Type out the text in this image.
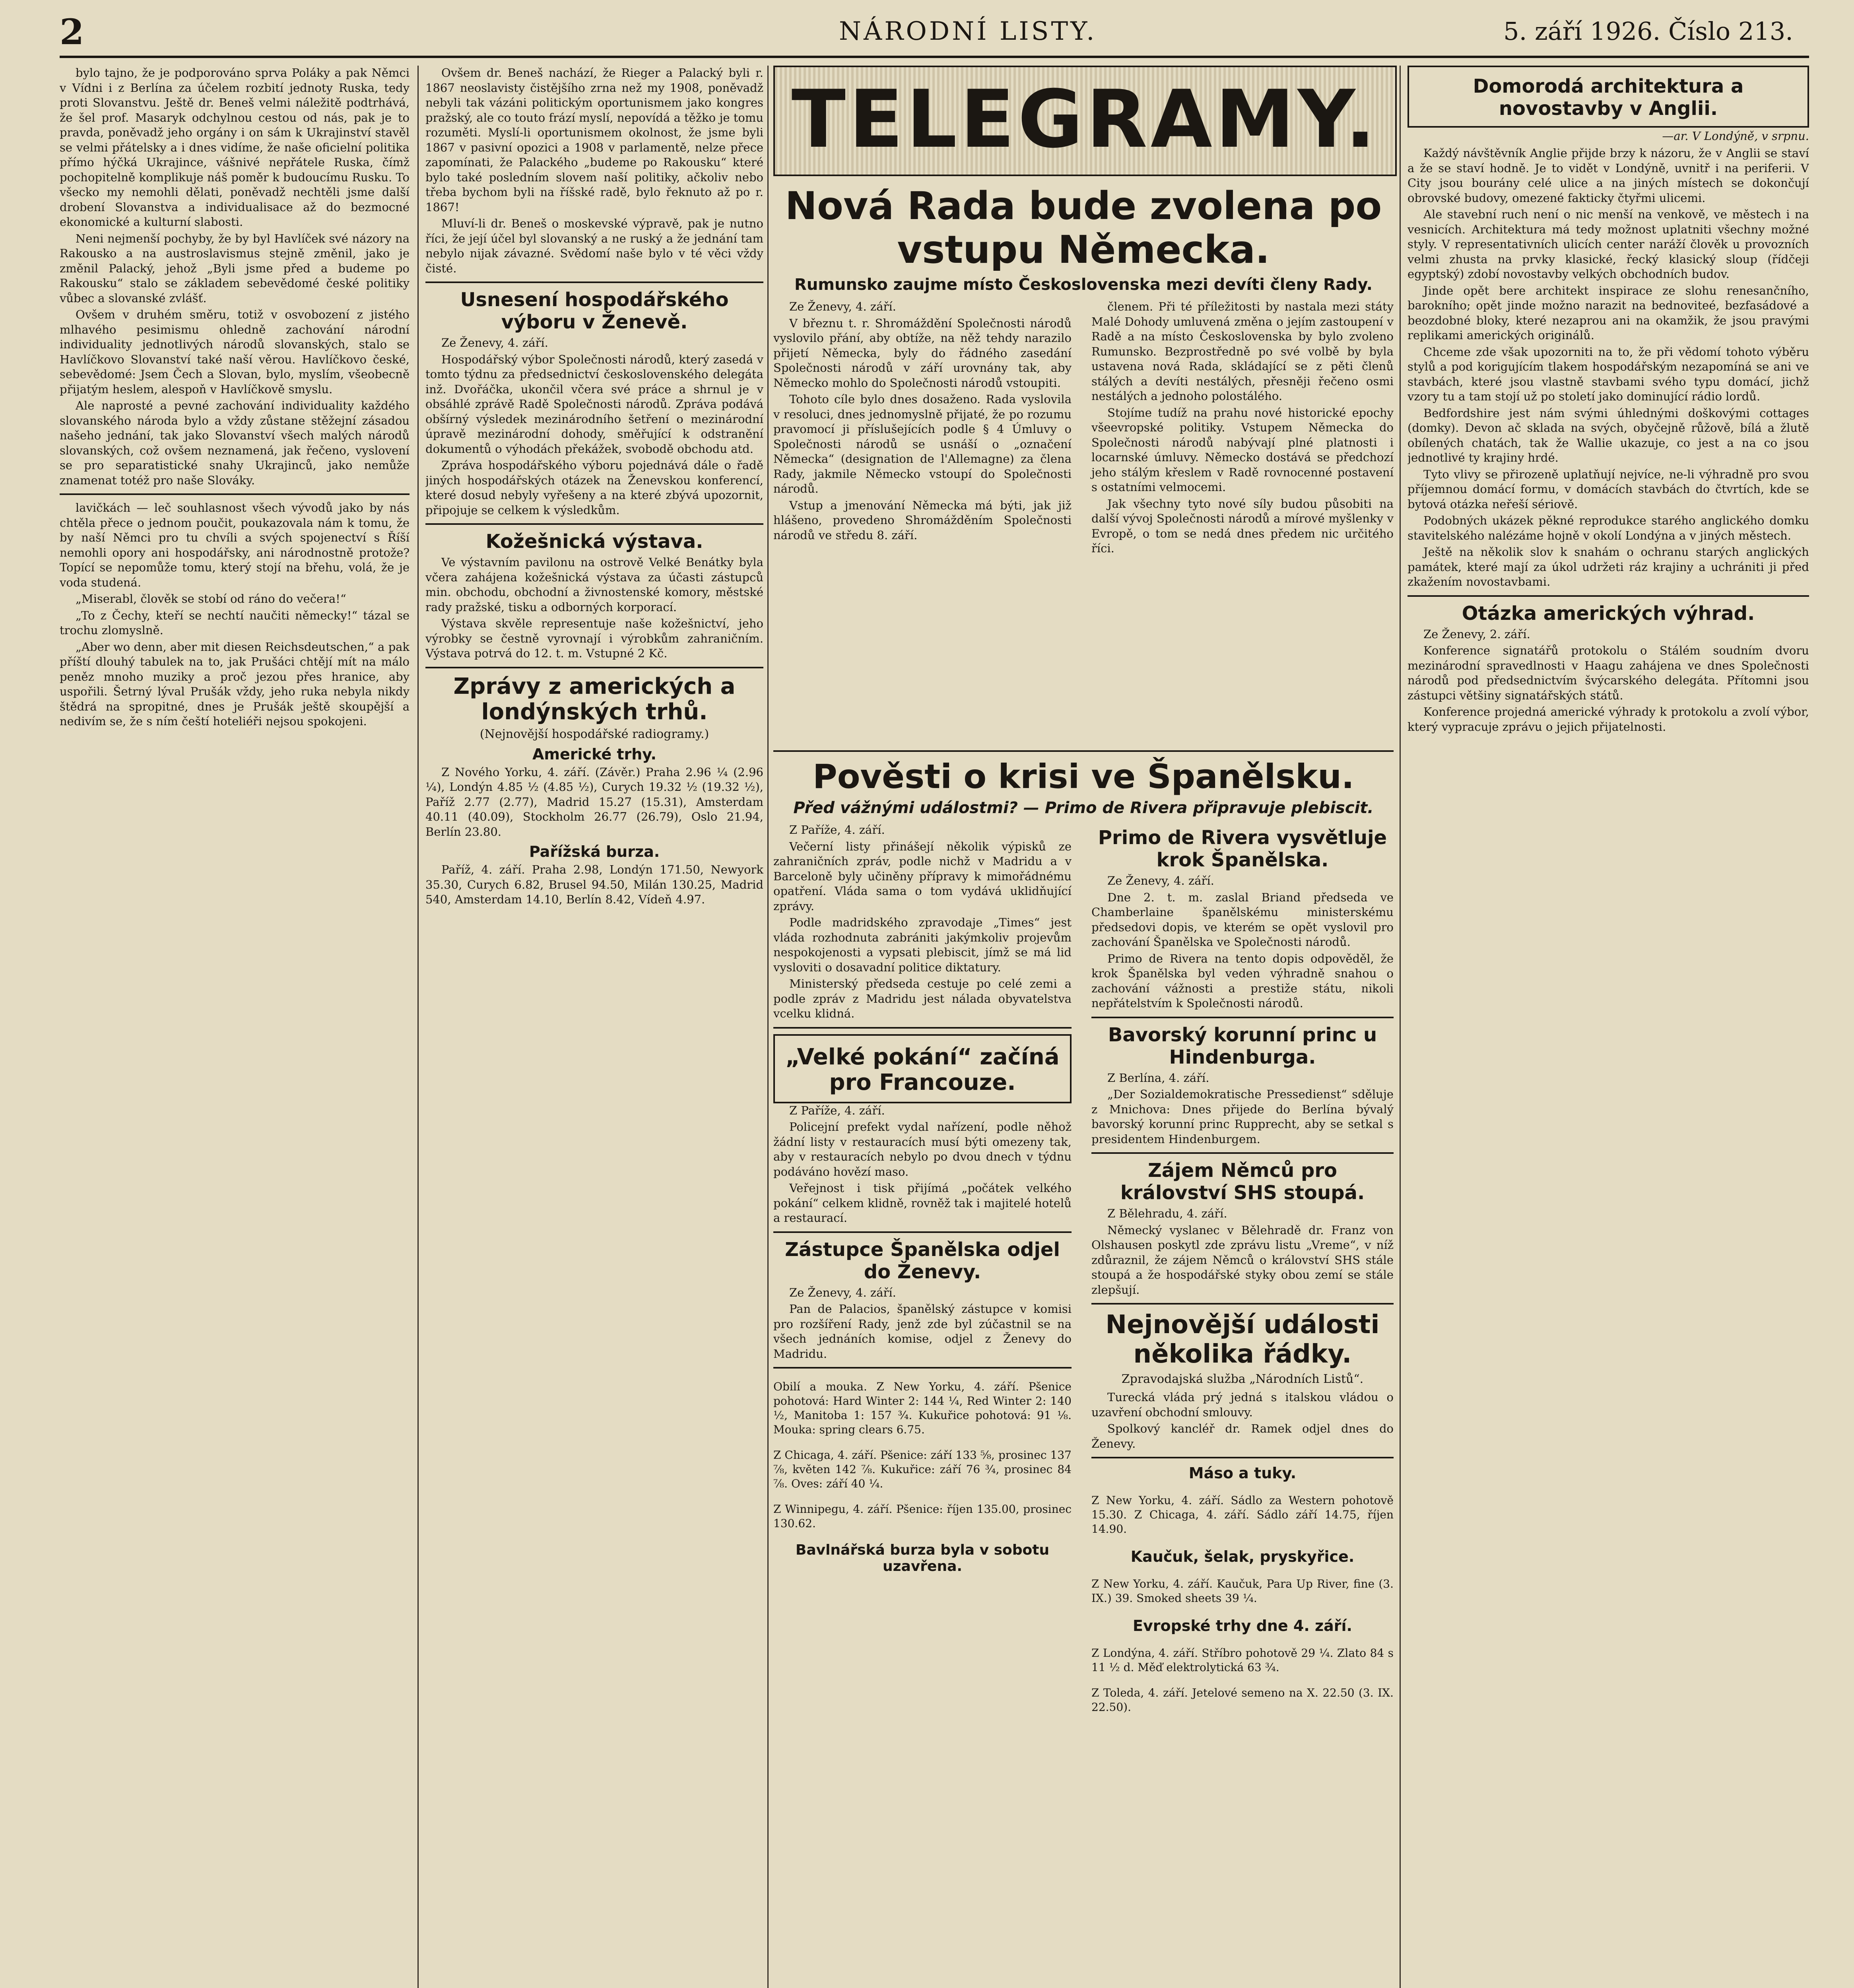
2	NÁRODNÍ LISTY.	5. září 1926. Číslo 213.

bylo tajno, že je podporováno sprva Poláky a pak Němci v Vídni i z Berlína za účelem rozbití jednoty Ruska, tedy proti Slovanstvu. Ještě dr. Beneš velmi náležitě podtrhává, že šel prof. Masaryk odchylnou cestou od nás, pak je to pravda, poněvadž jeho orgány i on sám k Ukrajinství stavěl se velmi přátelsky a i dnes vidíme, že naše oficielní politika přímo hýčká Ukrajince, vášnivé nepřátele Ruska, čímž pochopitelně komplikuje náš poměr k budoucímu Rusku. To všecko my nemohli dělati, poněvadž nechtěli jsme další drobení Slovanstva a individualisace až do bezmocné ekonomické a kulturní slabosti.

Neni nejmenší pochyby, že by byl Havlíček své názory na Rakousko a na austroslavismus stejně změnil, jako je změnil Palacký, jehož „Byli jsme před a budeme po Rakousku“ stalo se základem sebevědomé české politiky vůbec a slovanské zvlášť.

Ovšem v druhém směru, totiž v osvobození z jistého mlhavého pesimismu ohledně zachování národní individuality jednotlivých národů slovanských, stalo se Havlíčkovo Slovanství také naší věrou. Havlíčkovo české, sebevědomé: Jsem Čech a Slovan, bylo, myslím, všeobecně přijatým heslem, alespoň v Havlíčkově smyslu.

Ale naprosté a pevné zachování individuality každého slovanského národa bylo a vždy zůstane stěžejní zásadou našeho jednání, tak jako Slovanství všech malých národů slovanských, což ovšem neznamená, jak řečeno, vyslovení se pro separatistické snahy Ukrajinců, jako nemůže znamenat totéž pro naše Slováky.

lavičkách — leč souhlasnost všech vývodů jako by nás chtěla přece o jednom poučit, poukazovala nám k tomu, že by naší Němci pro tu chvíli a svých spojenectví s Říší nemohli opory ani hospodářsky, ani národnostně protože? Topící se nepomůže tomu, který stojí na břehu, volá, že je voda studená.

„Miserabl, člověk se stobí od ráno do večera!“

„To z Čechy, kteří se nechtí naučiti německy!“ tázal se trochu zlomyslně.

„Aber wo denn, aber mit diesen Reichsdeutschen,“ a pak příští dlouhý tabulek na to, jak Prušáci chtějí mít na málo peněz mnoho muziky a proč jezou přes hranice, aby uspořili. Šetrný lýval Prušák vždy, jeho ruka nebyla nikdy štědrá na spropitné, dnes je Prušák ještě skoupější a nedivím se, že s ním čeští hoteliéři nejsou spokojeni.

Ovšem dr. Beneš nachází, že Rieger a Palacký byli r. 1867 neoslavisty čistějšího zrna než my 1908, poněvadž nebyli tak vázáni politickým oportunismem jako kongres pražský, ale co touto frází myslí, nepovídá a těžko je tomu rozuměti. Myslí-li oportunismem okolnost, že jsme byli 1867 v pasivní opozici a 1908 v parlamentě, nelze přece zapomínati, že Palackého „budeme po Rakousku“ které bylo také posledním slovem naší politiky, ačkoliv nebo třeba bychom byli na říšské radě, bylo řeknuto až po r. 1867!

Mluví-li dr. Beneš o moskevské výpravě, pak je nutno říci, že její účel byl slovanský a ne ruský a že jednání tam nebylo nijak závazné. Svědomí naše bylo v té věci vždy čisté.

Usnesení hospodářského výboru v Ženevě.

Ze Ženevy, 4. září.

Hospodářský výbor Společnosti národů, který zasedá v tomto týdnu za předsednictví československého delegáta inž. Dvořáčka, ukončil včera své práce a shrnul je v obsáhlé zprávě Radě Společnosti národů. Zpráva podává obšírný výsledek mezinárodního šetření o mezinárodní úpravě mezinárodní dohody, směřující k odstranění dokumentů o výhodách překážek, svobodě obchodu atd.

Zpráva hospodářského výboru pojednává dále o řadě jiných hospodářských otázek na Ženevskou konferencí, které dosud nebyly vyřešeny a na které zbývá upozornit, připojuje se celkem k výsledkům.

Kožešnická výstava.

Ve výstavním pavilonu na ostrově Velké Benátky byla včera zahájena kožešnická výstava za účasti zástupců min. obchodu, obchodní a živnostenské komory, městské rady pražské, tisku a odborných korporací.

Výstava skvěle representuje naše kožešnictví, jeho výrobky se čestně vyrovnají i výrobkům zahraničním. Výstava potrvá do 12. t. m. Vstupné 2 Kč.

Zprávy z amerických a londýnských trhů.
(Nejnovější hospodářské radiogramy.)
Americké trhy.

Z Nového Yorku, 4. září. (Závěr.) Praha 2.96 ¼ (2.96 ¼), Londýn 4.85 ½ (4.85 ½), Curych 19.32 ½ (19.32 ½), Paříž 2.77 (2.77), Madrid 15.27 (15.31), Amsterdam 40.11 (40.09), Stockholm 26.77 (26.79), Oslo 21.94, Berlín 23.80.

Pařížská burza.

Paříž, 4. září. Praha 2.98, Londýn 171.50, Newyork 35.30, Curych 6.82, Brusel 94.50, Milán 130.25, Madrid 540, Amsterdam 14.10, Berlín 8.42, Vídeň 4.97.

TELEGRAMY.
Nová Rada bude zvolena po vstupu Německa.
Rumunsko zaujme místo Československa mezi devíti členy Rady.

Ze Ženevy, 4. září.

V březnu t. r. Shromáždění Společnosti národů vyslovilo přání, aby obtíže, na něž tehdy narazilo přijetí Německa, byly do řádného zasedání Společnosti národů v září urovnány tak, aby Německo mohlo do Společnosti národů vstoupiti.

Tohoto cíle bylo dnes dosaženo. Rada vyslovila v resoluci, dnes jednomyslně přijaté, že po rozumu pravomocí ji příslušejících podle § 4 Úmluvy o Společnosti národů se usnáší o „označení Německa“ (designation de l'Allemagne) za člena Rady, jakmile Německo vstoupí do Společnosti národů.

Vstup a jmenování Německa má býti, jak již hlášeno, provedeno Shromážděním Společnosti národů ve středu 8. září.

členem. Při té příležitosti by nastala mezi státy Malé Dohody umluvená změna o jejím zastoupení v Radě a na místo Československa by bylo zvoleno Rumunsko. Bezprostředně po své volbě by byla ustavena nová Rada, skládající se z pěti členů stálých a devíti nestálých, přesněji řečeno osmi nestálých a jednoho polostálého.

Stojíme tudíž na prahu nové historické epochy všeevropské politiky. Vstupem Německa do Společnosti národů nabývají plné platnosti i locarnské úmluvy. Německo dostává se předchozí jeho stálým křeslem v Radě rovnocenné postavení s ostatními velmocemi.

Jak všechny tyto nové síly budou působiti na další vývoj Společnosti národů a mírové myšlenky v Evropě, o tom se nedá dnes předem nic určitého říci.

Pověsti o krisi ve Španělsku.
Před vážnými událostmi? — Primo de Rivera připravuje plebiscit.

Z Paříže, 4. září.

Večerní listy přinášejí několik výpisků ze zahraničních zpráv, podle nichž v Madridu a v Barceloně byly učiněny přípravy k mimořádnému opatření. Vláda sama o tom vydává uklidňující zprávy.

Podle madridského zpravodaje „Times“ jest vláda rozhodnuta zabrániti jakýmkoliv projevům nespokojenosti a vypsati plebiscit, jímž se má lid vysloviti o dosavadní politice diktatury.

Ministerský předseda cestuje po celé zemi a podle zpráv z Madridu jest nálada obyvatelstva vcelku klidná.

„Velké pokání“ začíná pro Francouze.

Z Paříže, 4. září.

Policejní prefekt vydal nařízení, podle něhož žádní listy v restauracích musí býti omezeny tak, aby v restauracích nebylo po dvou dnech v týdnu podáváno hovězí maso.

Veřejnost i tisk přijímá „počátek velkého pokání“ celkem klidně, rovněž tak i majitelé hotelů a restaurací.

Zástupce Španělska odjel do Ženevy.

Ze Ženevy, 4. září.

Pan de Palacios, španělský zástupce v komisi pro rozšíření Rady, jenž zde byl zúčastnil se na všech jednáních komise, odjel z Ženevy do Madridu.

Obilí a mouka. Z New Yorku, 4. září. Pšenice pohotová: Hard Winter 2: 144 ¼, Red Winter 2: 140 ½, Manitoba 1: 157 ¾. Kukuřice pohotová: 91 ⅛. Mouka: spring clears 6.75.

Z Chicaga, 4. září. Pšenice: září 133 ⅝, prosinec 137 ⅞, květen 142 ⅞. Kukuřice: září 76 ¾, prosinec 84 ⅞. Oves: září 40 ¼.

Z Winnipegu, 4. září. Pšenice: říjen 135.00, prosinec 130.62.

Bavlnářská burza byla v sobotu uzavřena.
Primo de Rivera vysvětluje krok Španělska.

Ze Ženevy, 4. září.

Dne 2. t. m. zaslal Briand předseda ve Chamberlaine španělskému ministerskému předsedovi dopis, ve kterém se opět vyslovil pro zachování Španělska ve Společnosti národů.

Primo de Rivera na tento dopis odpověděl, že krok Španělska byl veden výhradně snahou o zachování vážnosti a prestiže státu, nikoli nepřátelstvím k Společnosti národů.

Bavorský korunní princ u Hindenburga.

Z Berlína, 4. září.

„Der Sozialdemokratische Pressedienst“ sděluje z Mnichova: Dnes přijede do Berlína bývalý bavorský korunní princ Rupprecht, aby se setkal s presidentem Hindenburgem.

Zájem Němců pro království SHS stoupá.

Z Bělehradu, 4. září.

Německý vyslanec v Bělehradě dr. Franz von Olshausen poskytl zde zprávu listu „Vreme“, v níž zdůraznil, že zájem Němců o království SHS stále stoupá a že hospodářské styky obou zemí se stále zlepšují.

Nejnovější události několika řádky.
Zpravodajská služba „Národních Listů“.

Turecká vláda prý jedná s italskou vládou o uzavření obchodní smlouvy.

Spolkový kancléř dr. Ramek odjel dnes do Ženevy.

Máso a tuky.

Z New Yorku, 4. září. Sádlo za Western pohotově 15.30. Z Chicaga, 4. září. Sádlo září 14.75, říjen 14.90.

Kaučuk, šelak, pryskyřice.

Z New Yorku, 4. září. Kaučuk, Para Up River, fine (3. IX.) 39. Smoked sheets 39 ¼.

Evropské trhy dne 4. září.

Z Londýna, 4. září. Stříbro pohotově 29 ¼. Zlato 84 s 11 ½ d. Měď elektrolytická 63 ¾.

Z Toleda, 4. září. Jetelové semeno na X. 22.50 (3. IX. 22.50).

Domorodá architektura a novostavby v Anglii.
—ar. V Londýně, v srpnu.

Každý návštěvník Anglie přijde brzy k názoru, že v Anglii se staví a že se staví hodně. Je to vidět v Londýně, uvnitř i na periferii. V City jsou bourány celé ulice a na jiných místech se dokončují obrovské budovy, omezené fakticky čtyřmi ulicemi.

Ale stavební ruch není o nic menší na venkově, ve městech i na vesnicích. Architektura má tedy možnost uplatniti všechny možné styly. V representativních ulicích center naráží člověk u provozních velmi zhusta na prvky klasické, řecký klasický sloup (řídčeji egyptský) zdobí novostavby velkých obchodních budov.

Jinde opět bere architekt inspirace ze slohu renesančního, barokního; opět jinde možno narazit na bednoviteé, bezfasádové a beozdobné bloky, které nezaprou ani na okamžik, že jsou pravými replikami amerických originálů.

Chceme zde však upozorniti na to, že při vědomí tohoto výběru stylů a pod korigujícím tlakem hospodářským nezapomíná se ani ve stavbách, které jsou vlastně stavbami svého typu domácí, jichž vzory tu a tam stojí už po století jako dominující rádio lordů.

Bedfordshire jest nám svými úhlednými doškovými cottages (domky). Devon ač sklada na svých, obyčejně růžově, bílá a žlutě obílených chatách, tak že Wallie ukazuje, co jest a na co jsou jednotlivé ty krajiny hrdé.

Tyto vlivy se přirozeně uplatňují nejvíce, ne-li výhradně pro svou příjemnou domácí formu, v domácích stavbách do čtvrtích, kde se bytová otázka neřeší sériově.

Podobných ukázek pěkné reprodukce starého anglického domku stavitelského nalézáme hojně v okolí Londýna a v jiných městech.

Ještě na několik slov k snahám o ochranu starých anglických památek, které mají za úkol udržeti ráz krajiny a uchrániti ji před zkažením novostavbami.

Otázka amerických výhrad.

Ze Ženevy, 2. září.

Konference signatářů protokolu o Stálém soudním dvoru mezinárodní spravedlnosti v Haagu zahájena ve dnes Společnosti národů pod předsednictvím švýcarského delegáta. Přítomni jsou zástupci většiny signatářských států.

Konference projedná americké výhrady k protokolu a zvolí výbor, který vypracuje zprávu o jejich přijatelnosti.
